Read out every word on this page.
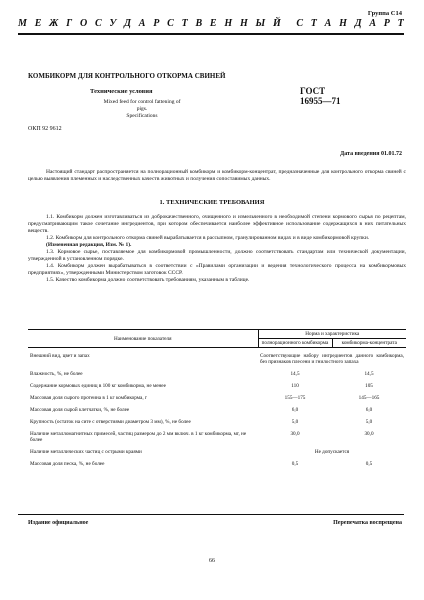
Группа С14
М Е Ж Г О С У Д А Р С Т В Е Н Н Ы Й С Т А Н Д А Р Т
КОМБИКОРМ ДЛЯ КОНТРОЛЬНОГО ОТКОРМА СВИНЕЙ
ГОСТ
16955—71
Технические условия
Mixed feed for control fattening of pigs.
Specifications
ОКП 92 9612
Дата введения 01.01.72
Настоящий стандарт распространяется на полнорационный комбикорм и комбикорм-концентрат, предназначенные для контрольного откорма свиней с целью выявления племенных и наследственных качеств животных и получения сопоставимых данных.
1. ТЕХНИЧЕСКИЕ ТРЕБОВАНИЯ

1.1. Комбикорм должен изготавливаться из доброкачественного, очищенного и измельченного в необходимой степени кормового сырья по рецептам, предусматривающим такое сочетание ингредиентов, при котором обеспечивается наиболее эффективное использование содержащихся в них питательных веществ.

1.2. Комбикорм для контрольного откорма свиней вырабатывается в рассыпном, гранулированном видах и в виде комбикормовой крупки.

(Измененная редакция, Изм. № 1).

1.3. Кормовое сырье, поставляемое для комбикормовой промышленности, должно соответствовать стандартам или технической документации, утвержденной в установленном порядке.

1.4. Комбикорм должен вырабатываться в соответствии с «Правилами организации и ведения технологического процесса на комбикормовых предприятиях», утвержденными Министерством заготовок СССР.

1.5. Качество комбикорма должно соответствовать требованиям, указанным в таблице.

Наименование показателя	Норма и характеристика	
	полнорационного комбикорма	комбикорма-концентрата
Внешний вид, цвет и запах	Соответствующие набору ингредиентов данного комбикорма, без признаков плесени и гнилостного запаха	
Влажность, %, не более	14,5	14,5
Содержание кормовых единиц в 100 кг комбикорма, не менее	110	105
Массовая доля сырого протеина в 1 кг комбикорма, г	155—175	145—165
Массовая доля сырой клетчатки, %, не более	6,0	6,0
Крупность (остаток на сите с отверстиями диаметром 3 мм), %, не более	5,0	5,0
Наличие металломагнитных примесей, частиц размером до 2 мм включ. в 1 кг комбикорма, мг, не более	30,0	30,0
Наличие металлических частиц с острыми краями	Не допускается	
Массовая доля песка, %, не более	0,5	0,5
Издание официальное	Перепечатка воспрещена
66
